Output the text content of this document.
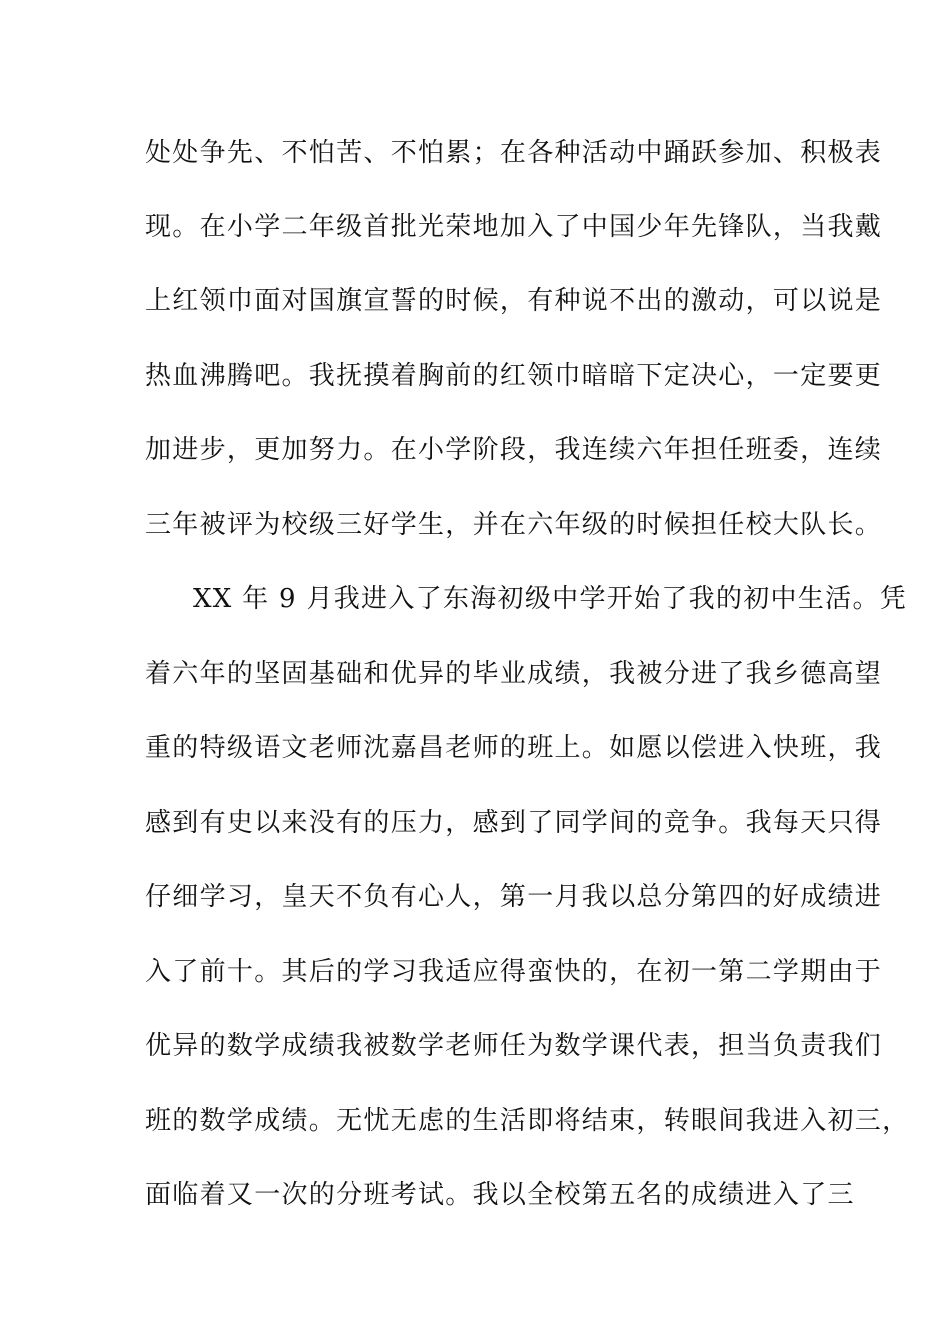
处处争先、不怕苦、不怕累；在各种活动中踊跃参加、积极表
现。在小学二年级首批光荣地加入了中国少年先锋队，当我戴
上红领巾面对国旗宣誓的时候，有种说不出的激动，可以说是
热血沸腾吧。我抚摸着胸前的红领巾暗暗下定决心，一定要更
加进步，更加努力。在小学阶段，我连续六年担任班委，连续
三年被评为校级三好学生，并在六年级的时候担任校大队长。
XX 年 9 月我进入了东海初级中学开始了我的初中生活。凭
着六年的坚固基础和优异的毕业成绩，我被分进了我乡德高望
重的特级语文老师沈嘉昌老师的班上。如愿以偿进入快班，我
感到有史以来没有的压力，感到了同学间的竞争。我每天只得
仔细学习，皇天不负有心人，第一月我以总分第四的好成绩进
入了前十。其后的学习我适应得蛮快的，在初一第二学期由于
优异的数学成绩我被数学老师任为数学课代表，担当负责我们
班的数学成绩。无忧无虑的生活即将结束，转眼间我进入初三，
面临着又一次的分班考试。我以全校第五名的成绩进入了三
